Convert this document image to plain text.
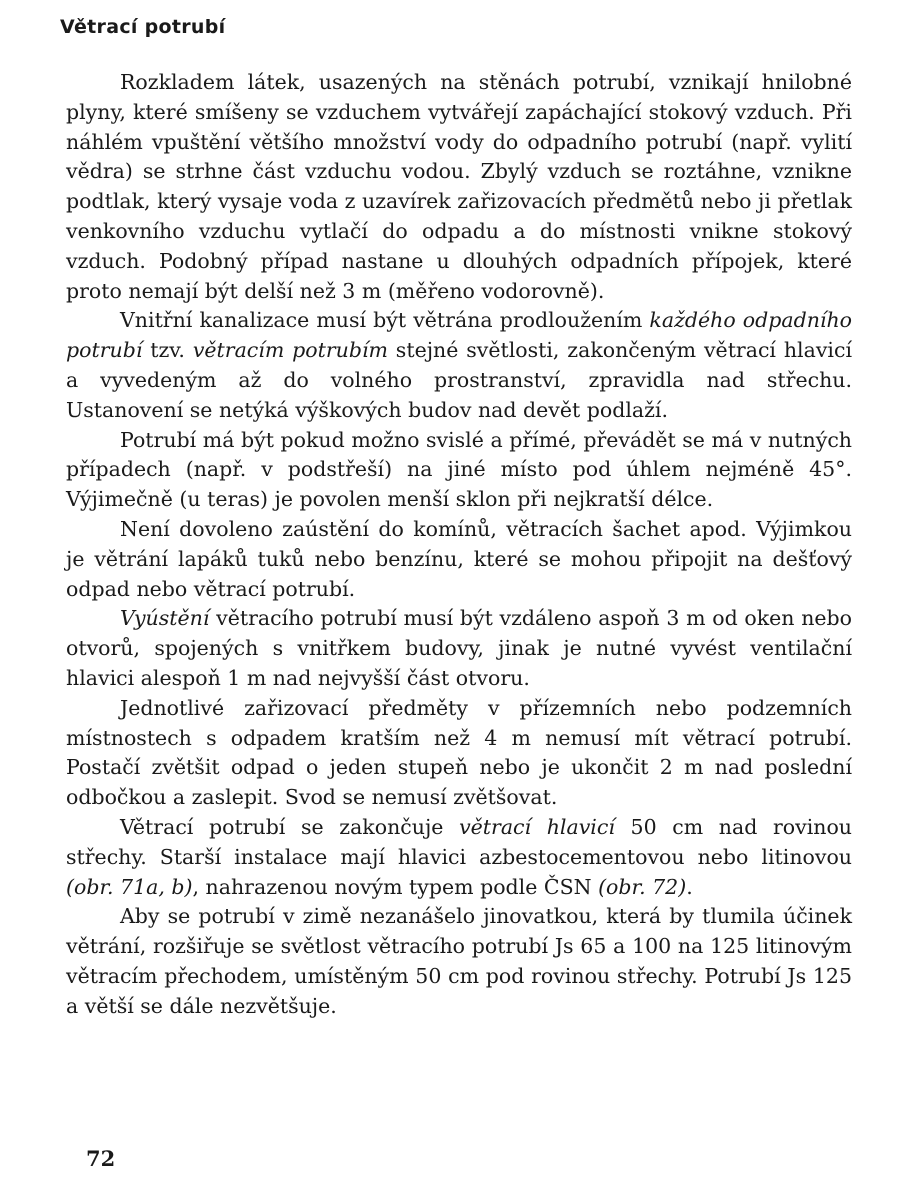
Větrací potrubí

Rozkladem látek, usazených na stěnách potrubí, vznikají hnilobné plyny, které smíšeny se vzduchem vytvářejí zapáchající stokový vzduch. Při náhlém vpuštění většího množství vody do odpadního potrubí (např. vylití vědra) se strhne část vzduchu vodou. Zbylý vzduch se roztáhne, vznikne podtlak, který vysaje voda z uzavírek zařizovacích předmětů nebo ji přetlak venkovního vzduchu vytlačí do odpadu a do místnosti vnikne stokový vzduch. Podobný případ nastane u dlouhých odpadních přípojek, které proto nemají být delší než 3 m (měřeno vodorovně).

Vnitřní kanalizace musí být větrána prodloužením každého odpadního potrubí tzv. větracím potrubím stejné světlosti, zakončeným větrací hlavicí a vyvedeným až do volného prostranství, zpravidla nad střechu. Ustanovení se netýká výškových budov nad devět podlaží.

Potrubí má být pokud možno svislé a přímé, převádět se má v nutných případech (např. v podstřeší) na jiné místo pod úhlem nejméně 45°. Výjimečně (u teras) je povolen menší sklon při nejkratší délce.

Není dovoleno zaústění do komínů, větracích šachet apod. Výjimkou je větrání lapáků tuků nebo benzínu, které se mohou připojit na dešťový odpad nebo větrací potrubí.

Vyústění větracího potrubí musí být vzdáleno aspoň 3 m od oken nebo otvorů, spojených s vnitřkem budovy, jinak je nutné vyvést ventilační hlavici alespoň 1 m nad nejvyšší část otvoru.

Jednotlivé zařizovací předměty v přízemních nebo podzemních místnostech s odpadem kratším než 4 m nemusí mít větrací potrubí. Postačí zvětšit odpad o jeden stupeň nebo je ukončit 2 m nad poslední odbočkou a zaslepit. Svod se nemusí zvětšovat.

Větrací potrubí se zakončuje větrací hlavicí 50 cm nad rovinou střechy. Starší instalace mají hlavici azbestocementovou nebo litinovou (obr. 71a, b), nahrazenou novým typem podle ČSN (obr. 72).

Aby se potrubí v zimě nezanášelo jinovatkou, která by tlumila účinek větrání, rozšiřuje se světlost větracího potrubí Js 65 a 100 na 125 litinovým větracím přechodem, umístěným 50 cm pod rovinou střechy. Potrubí Js 125 a větší se dále nezvětšuje.

72
